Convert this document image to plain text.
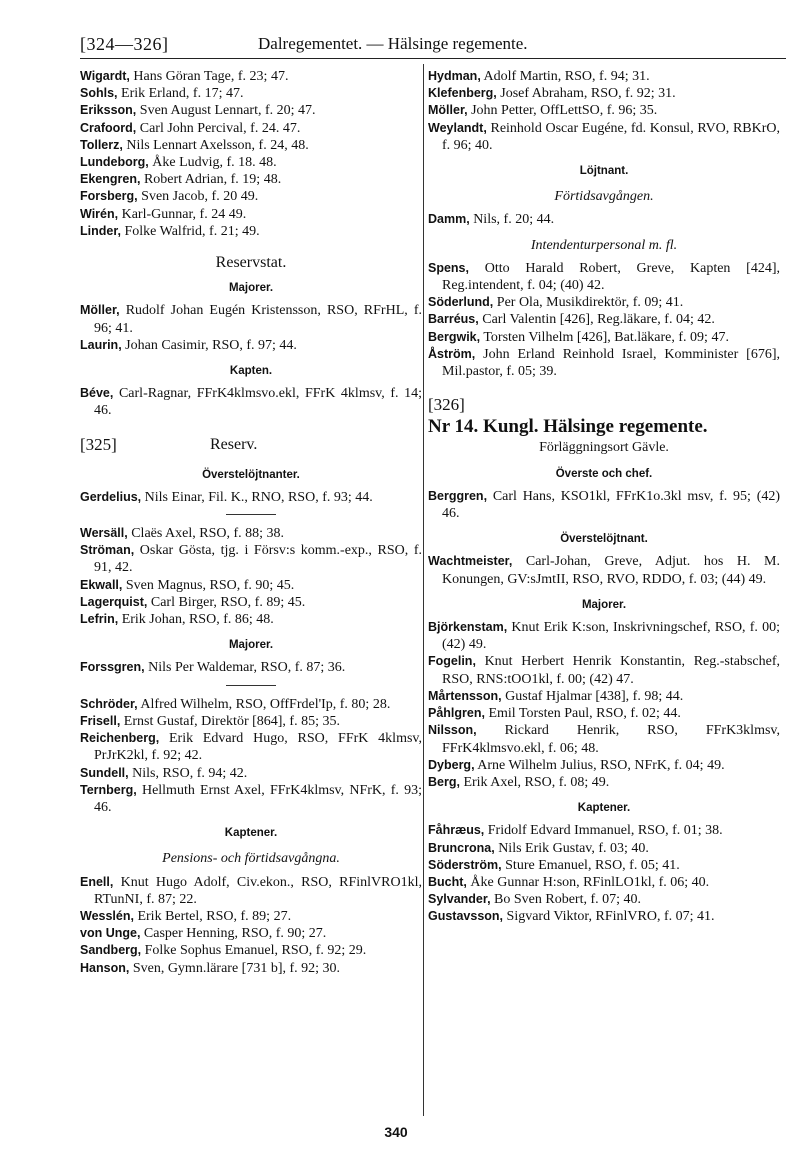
[324—326]	Dalregementet. — Hälsinge regemente.
Wigardt, Hans Göran Tage, f. 23; 47.
Sohls, Erik Erland, f. 17; 47.
Eriksson, Sven August Lennart, f. 20; 47.
Crafoord, Carl John Percival, f. 24. 47.
Tollerz, Nils Lennart Axelsson, f. 24, 48.
Lundeborg, Åke Ludvig, f. 18. 48.
Ekengren, Robert Adrian, f. 19; 48.
Forsberg, Sven Jacob, f. 20 49.
Wirén, Karl-Gunnar, f. 24 49.
Linder, Folke Walfrid, f. 21; 49.
Reservstat.
Majorer.
Möller, Rudolf Johan Eugén Kristensson, RSO, RFrHL, f. 96; 41.
Laurin, Johan Casimir, RSO, f. 97; 44.
Kapten.
Béve, Carl-Ragnar, FFrK4klmsvo.ekl, FFrK 4klmsv, f. 14; 46.
[325]	Reserv.
Överstelöjtnanter.
Gerdelius, Nils Einar, Fil. K., RNO, RSO, f. 93; 44.
Wersäll, Claës Axel, RSO, f. 88; 38.
Ströman, Oskar Gösta, tjg. i Försv:s komm.-exp., RSO, f. 91, 42.
Ekwall, Sven Magnus, RSO, f. 90; 45.
Lagerquist, Carl Birger, RSO, f. 89; 45.
Lefrin, Erik Johan, RSO, f. 86; 48.
Majorer.
Forssgren, Nils Per Waldemar, RSO, f. 87; 36.
Schröder, Alfred Wilhelm, RSO, OffFrdel'Ip, f. 80; 28.
Frisell, Ernst Gustaf, Direktör [864], f. 85; 35.
Reichenberg, Erik Edvard Hugo, RSO, FFrK 4klmsv, PrJrK2kl, f. 92; 42.
Sundell, Nils, RSO, f. 94; 42.
Ternberg, Hellmuth Ernst Axel, FFrK4klmsv, NFrK, f. 93; 46.
Kaptener.
Pensions- och förtidsavgångna.
Enell, Knut Hugo Adolf, Civ.ekon., RSO, RFinlVRO1kl, RTunNI, f. 87; 22.
Wesslén, Erik Bertel, RSO, f. 89; 27.
von Unge, Casper Henning, RSO, f. 90; 27.
Sandberg, Folke Sophus Emanuel, RSO, f. 92; 29.
Hanson, Sven, Gymn.lärare [731 b], f. 92; 30.
Hydman, Adolf Martin, RSO, f. 94; 31.
Klefenberg, Josef Abraham, RSO, f. 92; 31.
Möller, John Petter, OffLettSO, f. 96; 35.
Weylandt, Reinhold Oscar Eugéne, fd. Konsul, RVO, RBKrO, f. 96; 40.
Löjtnant.
Förtidsavgången.
Damm, Nils, f. 20; 44.
Intendenturpersonal m. fl.
Spens, Otto Harald Robert, Greve, Kapten [424], Reg.intendent, f. 04; (40) 42.
Söderlund, Per Ola, Musikdirektör, f. 09; 41.
Barréus, Carl Valentin [426], Reg.läkare, f. 04; 42.
Bergwik, Torsten Vilhelm [426], Bat.läkare, f. 09; 47.
Åström, John Erland Reinhold Israel, Komminister [676], Mil.pastor, f. 05; 39.
[326]
Nr 14. Kungl. Hälsinge regemente.
Förläggningsort Gävle.
Överste och chef.
Berggren, Carl Hans, KSO1kl, FFrK1o.3kl msv, f. 95; (42) 46.
Överstelöjtnant.
Wachtmeister, Carl-Johan, Greve, Adjut. hos H. M. Konungen, GV:sJmtII, RSO, RVO, RDDO, f. 03; (44) 49.
Majorer.
Björkenstam, Knut Erik K:son, Inskrivningschef, RSO, f. 00; (42) 49.
Fogelin, Knut Herbert Henrik Konstantin, Reg.-stabschef, RSO, RNS:tOO1kl, f. 00; (42) 47.
Mårtensson, Gustaf Hjalmar [438], f. 98; 44.
Påhlgren, Emil Torsten Paul, RSO, f. 02; 44.
Nilsson, Rickard Henrik, RSO, FFrK3klmsv, FFrK4klmsvo.ekl, f. 06; 48.
Dyberg, Arne Wilhelm Julius, RSO, NFrK, f. 04; 49.
Berg, Erik Axel, RSO, f. 08; 49.
Kaptener.
Fåhræus, Fridolf Edvard Immanuel, RSO, f. 01; 38.
Bruncrona, Nils Erik Gustav, f. 03; 40.
Söderström, Sture Emanuel, RSO, f. 05; 41.
Bucht, Åke Gunnar H:son, RFinlLO1kl, f. 06; 40.
Sylvander, Bo Sven Robert, f. 07; 40.
Gustavsson, Sigvard Viktor, RFinlVRO, f. 07; 41.
340
